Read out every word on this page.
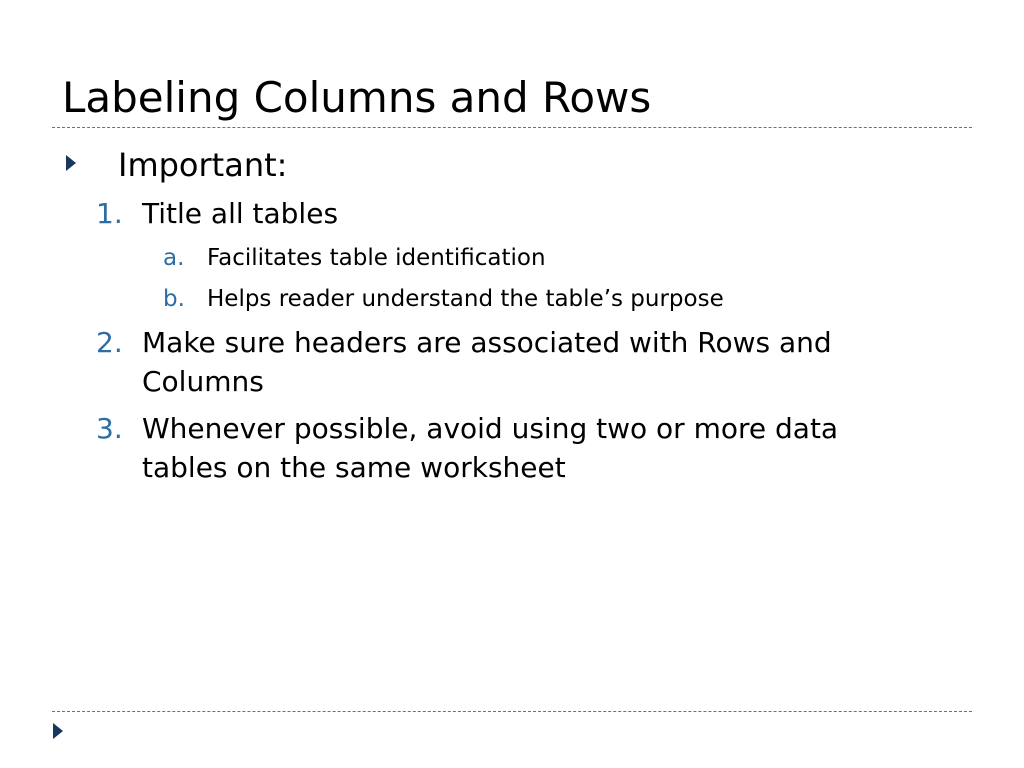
Labeling Columns and Rows
Important:
1. Title all tables
a. Facilitates table identification
b. Helps reader understand the table’s purpose
2. Make sure headers are associated with Rows and
Columns
3. Whenever possible, avoid using two or more data
tables on the same worksheet
